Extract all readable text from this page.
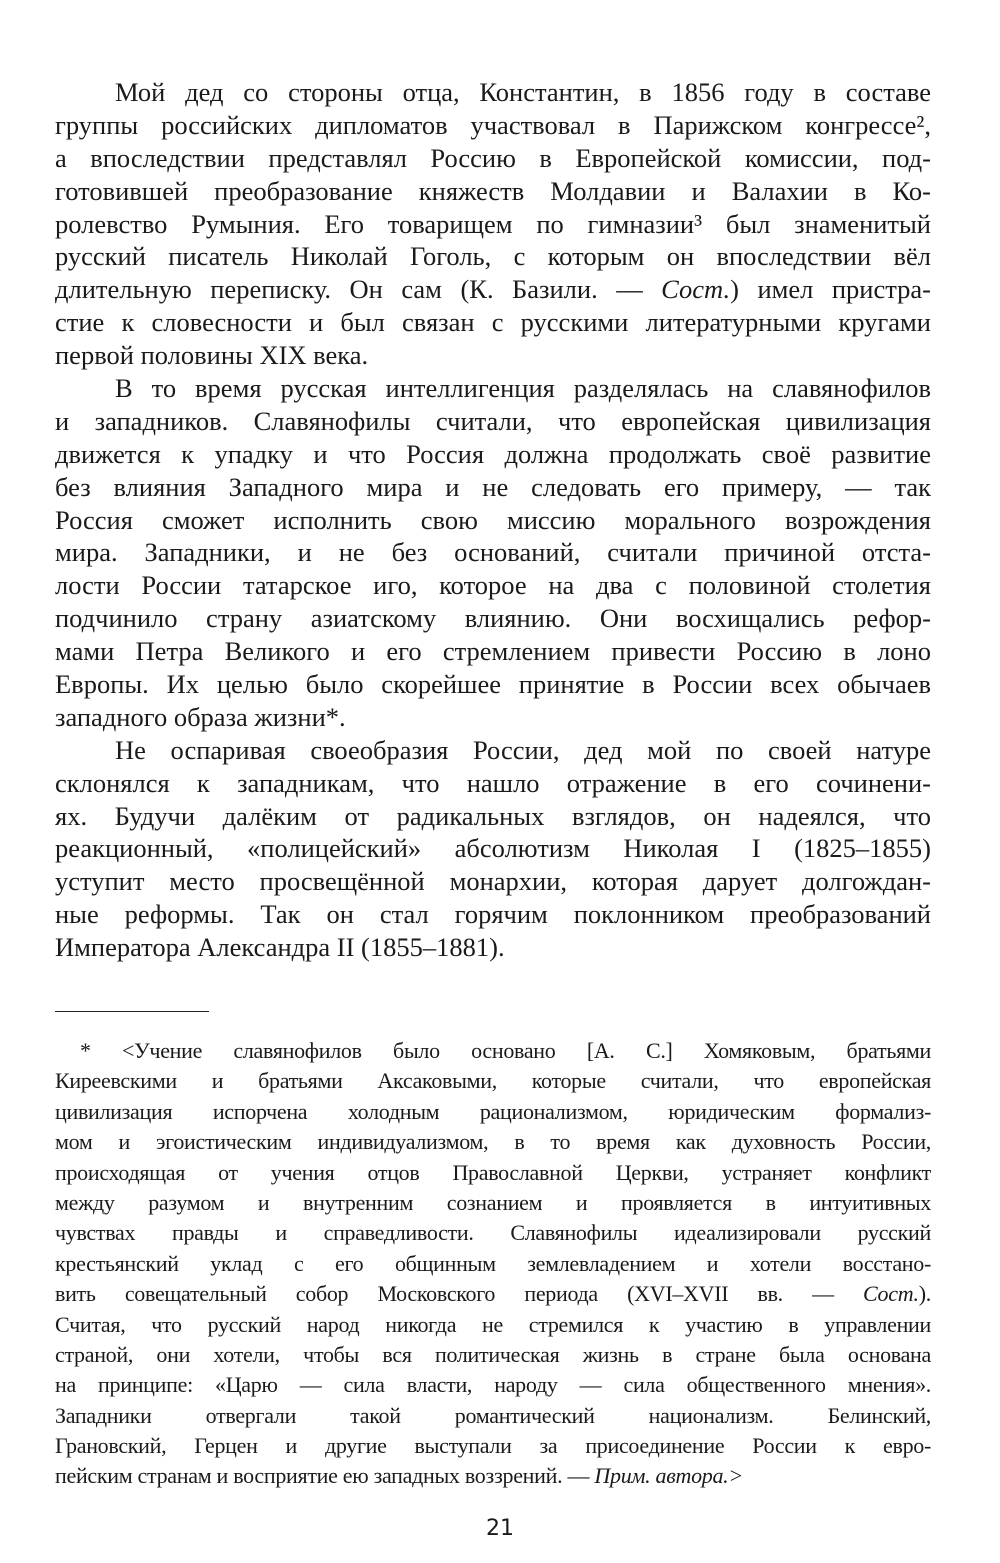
Мой дед со стороны отца, Константин, в 1856 году в составе
группы российских дипломатов участвовал в Парижском конгрессе²,
а впоследствии представлял Россию в Европейской комиссии, под-
готовившей преобразование княжеств Молдавии и Валахии в Ко-
ролевство Румыния. Его товарищем по гимназии³ был знаменитый
русский писатель Николай Гоголь, с которым он впоследствии вёл
длительную переписку. Он сам (К. Базили. — Сост.) имел пристра-
стие к словесности и был связан с русскими литературными кругами
первой половины XIX века.
В то время русская интеллигенция разделялась на славянофилов
и западников. Славянофилы считали, что европейская цивилизация
движется к упадку и что Россия должна продолжать своё развитие
без влияния Западного мира и не следовать его примеру, — так
Россия сможет исполнить свою миссию морального возрождения
мира. Западники, и не без оснований, считали причиной отста-
лости России татарское иго, которое на два с половиной столетия
подчинило страну азиатскому влиянию. Они восхищались рефор-
мами Петра Великого и его стремлением привести Россию в лоно
Европы. Их целью было скорейшее принятие в России всех обычаев
западного образа жизни*.
Не оспаривая своеобразия России, дед мой по своей натуре
склонялся к западникам, что нашло отражение в его сочинени-
ях. Будучи далёким от радикальных взглядов, он надеялся, что
реакционный, «полицейский» абсолютизм Николая I (1825–1855)
уступит место просвещённой монархии, которая дарует долгождан-
ные реформы. Так он стал горячим поклонником преобразований
Императора Александра II (1855–1881).
* <Учение славянофилов было основано [А. С.] Хомяковым, братьями
Киреевскими и братьями Аксаковыми, которые считали, что европейская
цивилизация испорчена холодным рационализмом, юридическим формализ-
мом и эгоистическим индивидуализмом, в то время как духовность России,
происходящая от учения отцов Православной Церкви, устраняет конфликт
между разумом и внутренним сознанием и проявляется в интуитивных
чувствах правды и справедливости. Славянофилы идеализировали русский
крестьянский уклад с его общинным землевладением и хотели восстано-
вить совещательный собор Московского периода (XVI–XVII вв. — Сост.).
Считая, что русский народ никогда не стремился к участию в управлении
страной, они хотели, чтобы вся политическая жизнь в стране была основана
на принципе: «Царю — сила власти, народу — сила общественного мнения».
Западники отвергали такой романтический национализм. Белинский,
Грановский, Герцен и другие выступали за присоединение России к евро-
пейским странам и восприятие ею западных воззрений. — Прим. автора.>
21
